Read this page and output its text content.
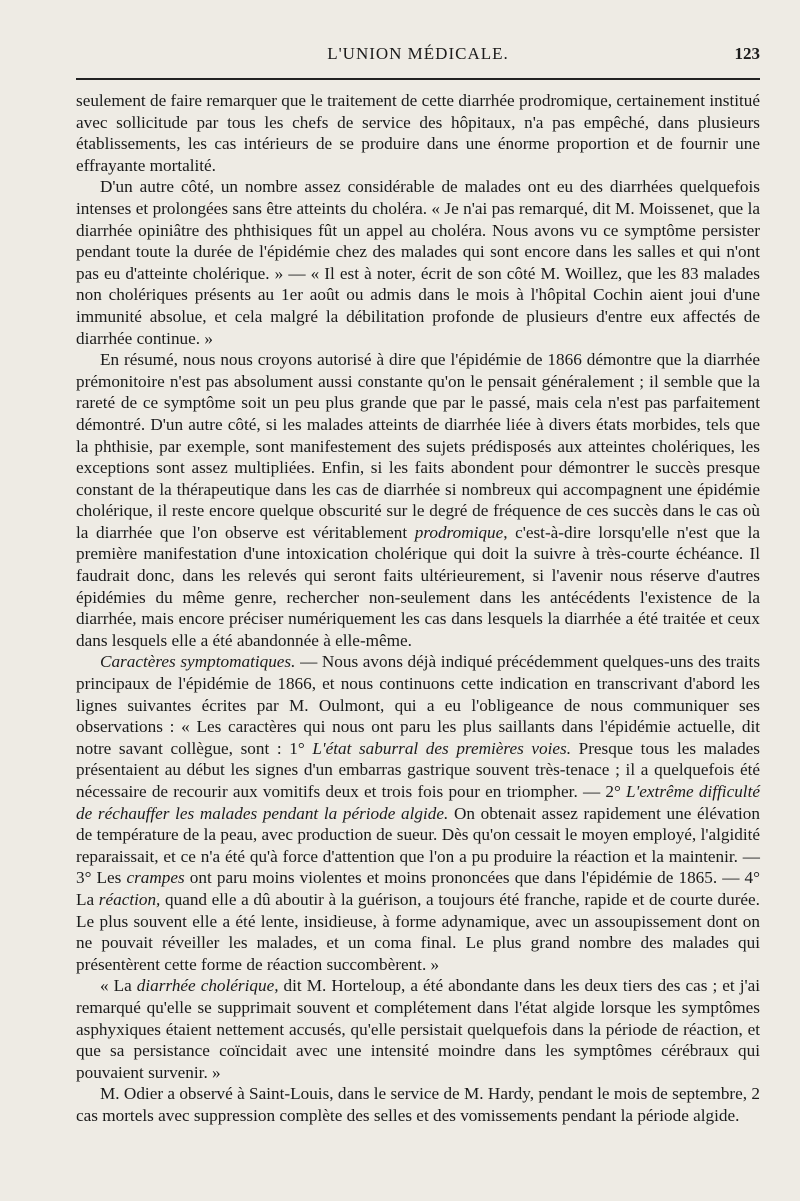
L'UNION MÉDICALE.	123

seulement de faire remarquer que le traitement de cette diarrhée prodromique, certainement institué avec sollicitude par tous les chefs de service des hôpitaux, n'a pas empêché, dans plusieurs établissements, les cas intérieurs de se produire dans une énorme proportion et de fournir une effrayante mortalité.

D'un autre côté, un nombre assez considérable de malades ont eu des diarrhées quelquefois intenses et prolongées sans être atteints du choléra. « Je n'ai pas remarqué, dit M. Moissenet, que la diarrhée opiniâtre des phthisiques fût un appel au choléra. Nous avons vu ce symptôme persister pendant toute la durée de l'épidémie chez des malades qui sont encore dans les salles et qui n'ont pas eu d'atteinte cholérique. » — « Il est à noter, écrit de son côté M. Woillez, que les 83 malades non cholériques présents au 1er août ou admis dans le mois à l'hôpital Cochin aient joui d'une immunité absolue, et cela malgré la débilitation profonde de plusieurs d'entre eux affectés de diarrhée continue. »

En résumé, nous nous croyons autorisé à dire que l'épidémie de 1866 démontre que la diarrhée prémonitoire n'est pas absolument aussi constante qu'on le pensait généralement ; il semble que la rareté de ce symptôme soit un peu plus grande que par le passé, mais cela n'est pas parfaitement démontré. D'un autre côté, si les malades atteints de diarrhée liée à divers états morbides, tels que la phthisie, par exemple, sont manifestement des sujets prédisposés aux atteintes cholériques, les exceptions sont assez multipliées. Enfin, si les faits abondent pour démontrer le succès presque constant de la thérapeutique dans les cas de diarrhée si nombreux qui accompagnent une épidémie cholérique, il reste encore quelque obscurité sur le degré de fréquence de ces succès dans le cas où la diarrhée que l'on observe est véritablement prodromique, c'est-à-dire lorsqu'elle n'est que la première manifestation d'une intoxication cholérique qui doit la suivre à très-courte échéance. Il faudrait donc, dans les relevés qui seront faits ultérieurement, si l'avenir nous réserve d'autres épidémies du même genre, rechercher non-seulement dans les antécédents l'existence de la diarrhée, mais encore préciser numériquement les cas dans lesquels la diarrhée a été traitée et ceux dans lesquels elle a été abandonnée à elle-même.

Caractères symptomatiques. — Nous avons déjà indiqué précédemment quelques-uns des traits principaux de l'épidémie de 1866, et nous continuons cette indication en transcrivant d'abord les lignes suivantes écrites par M. Oulmont, qui a eu l'obligeance de nous communiquer ses observations : « Les caractères qui nous ont paru les plus saillants dans l'épidémie actuelle, dit notre savant collègue, sont : 1° L'état saburral des premières voies. Presque tous les malades présentaient au début les signes d'un embarras gastrique souvent très-tenace ; il a quelquefois été nécessaire de recourir aux vomitifs deux et trois fois pour en triompher. — 2° L'extrême difficulté de réchauffer les malades pendant la période algide. On obtenait assez rapidement une élévation de température de la peau, avec production de sueur. Dès qu'on cessait le moyen employé, l'algidité reparaissait, et ce n'a été qu'à force d'attention que l'on a pu produire la réaction et la maintenir. — 3° Les crampes ont paru moins violentes et moins prononcées que dans l'épidémie de 1865. — 4° La réaction, quand elle a dû aboutir à la guérison, a toujours été franche, rapide et de courte durée. Le plus souvent elle a été lente, insidieuse, à forme adynamique, avec un assoupissement dont on ne pouvait réveiller les malades, et un coma final. Le plus grand nombre des malades qui présentèrent cette forme de réaction succombèrent. »

« La diarrhée cholérique, dit M. Horteloup, a été abondante dans les deux tiers des cas ; et j'ai remarqué qu'elle se supprimait souvent et complétement dans l'état algide lorsque les symptômes asphyxiques étaient nettement accusés, qu'elle persistait quelquefois dans la période de réaction, et que sa persistance coïncidait avec une intensité moindre dans les symptômes cérébraux qui pouvaient survenir. »

M. Odier a observé à Saint-Louis, dans le service de M. Hardy, pendant le mois de septembre, 2 cas mortels avec suppression complète des selles et des vomissements pendant la période algide.
